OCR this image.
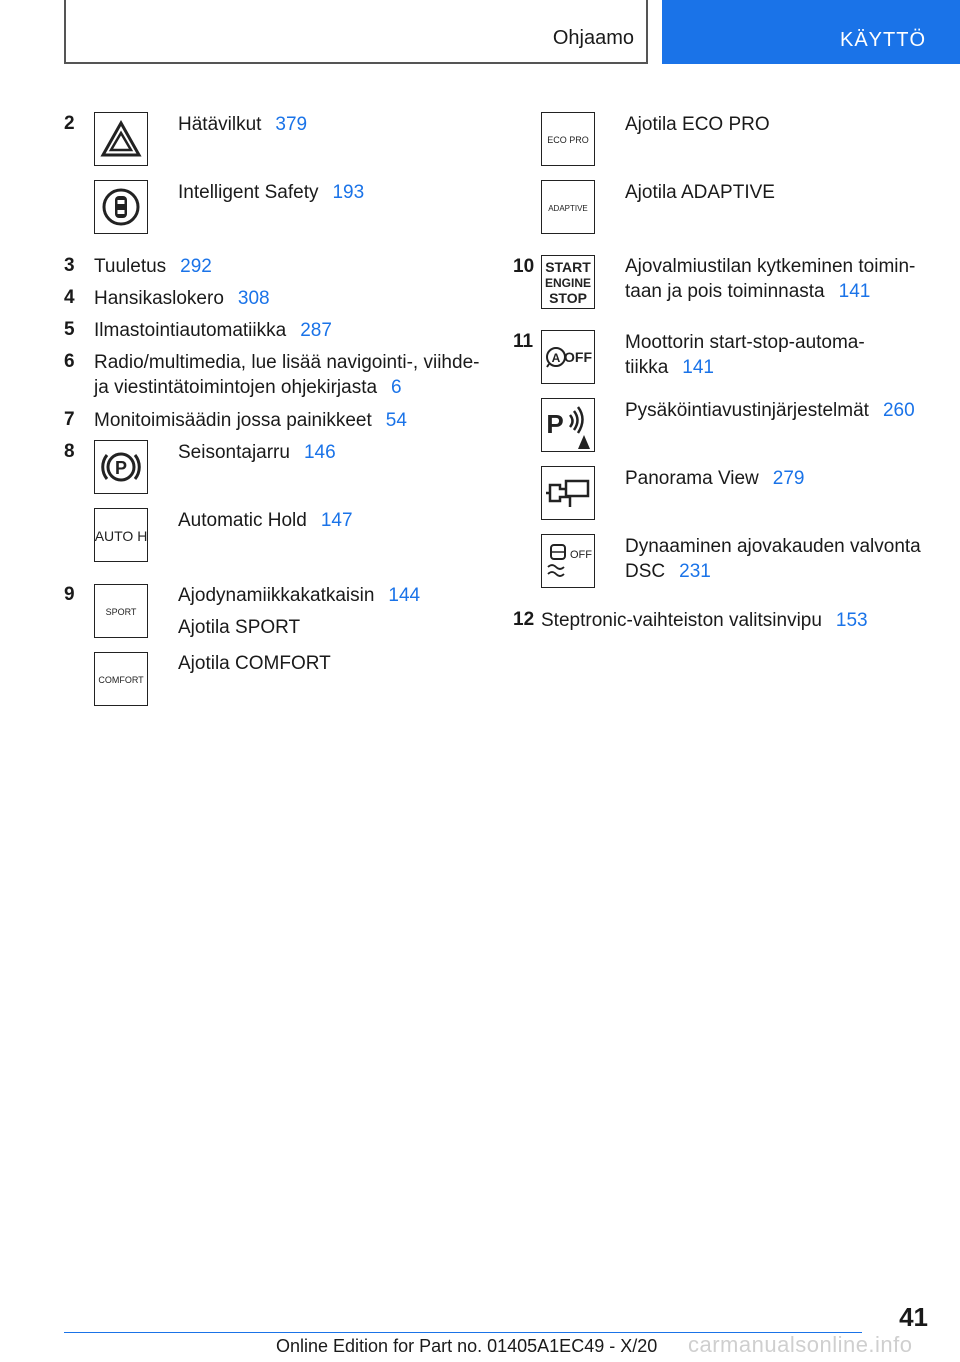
Ohjaamo	KÄYTTÖ
2	Hätävilkut 379
Intelligent Safety 193
3 Tuuletus 292
4 Hansikaslokero 308
5 Ilmastointiautomatiikka 287
6 Radio/multimedia, lue lisää navigointi-, viihde-
ja viestintätoimintojen ohjekirjasta 6
7 Monitoimisäädin jossa painikkeet 54
8
P
Seisontajarru 146
AUTO H
Automatic Hold 147
9
SPORT
Ajodynamiikkakatkaisin 144
Ajotila SPORT
COMFORT
Ajotila COMFORT
ECO PRO
Ajotila ECO PRO
ADAPTIVE
Ajotila ADAPTIVE
10 START
ENGINE
STOP
Ajovalmiustilan kytkeminen toimin-
taan ja pois toiminnasta 141
11
A OFF
Moottorin start-stop-automa-
tiikka 141
P	Pysäköintiavustinjärjestelmät 260
Panorama View 279
OFF Dynaaminen ajovakauden valvonta
DSC 231
12 Steptronic-vaihteiston valitsinvipu 153
41
Online Edition for Part no. 01405A1EC49 - X/20 carmanualsonline.info
